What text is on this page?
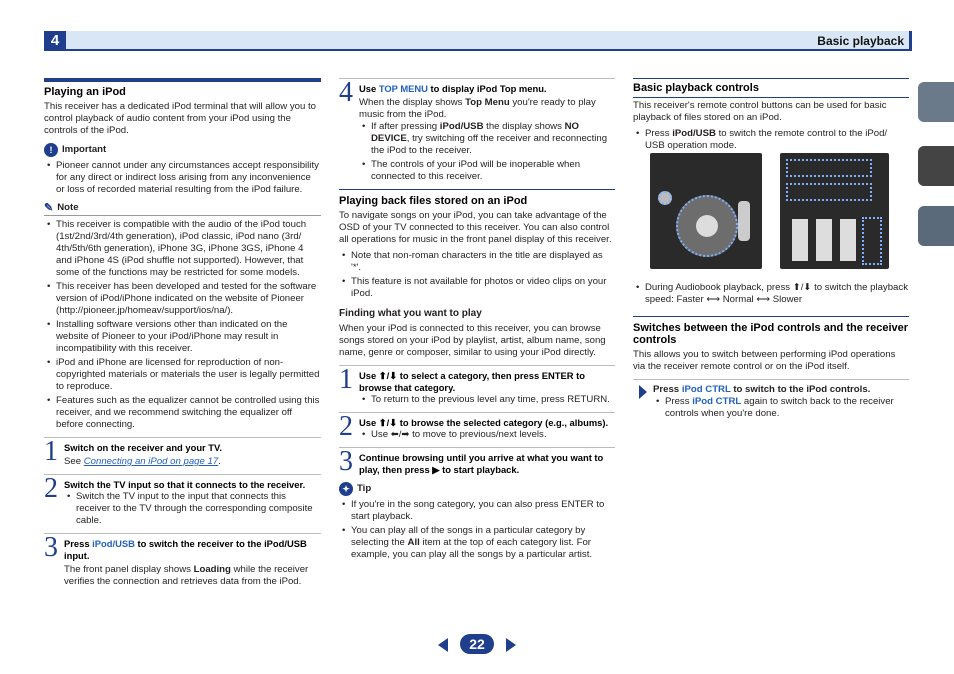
4	Basic playback
Playing an iPod

This receiver has a dedicated iPod terminal that will allow you to control playback of audio content from your iPod using the controls of the iPod.

! Important
• Pioneer cannot under any circumstances accept responsibility for any direct or indirect loss arising from any inconvenience or loss of recorded material resulting from the iPod failure.
✎ Note
• This receiver is compatible with the audio of the iPod touch (1st/2nd/3rd/4th generation), iPod classic, iPod nano (3rd/ 4th/5th/6th generation), iPhone 3G, iPhone 3GS, iPhone 4 and iPhone 4S (iPod shuffle not supported). However, that some of the functions may be restricted for some models.
• This receiver has been developed and tested for the software version of iPod/iPhone indicated on the website of Pioneer (http://pioneer.jp/homeav/support/ios/na/).
• Installing software versions other than indicated on the website of Pioneer to your iPod/iPhone may result in incompatibility with this receiver.
• iPod and iPhone are licensed for reproduction of non-copyrighted materials or materials the user is legally permitted to reproduce.
• Features such as the equalizer cannot be controlled using this receiver, and we recommend switching the equalizer off before connecting.
1 Switch on the receiver and your TV.
See Connecting an iPod on page 17.
2 Switch the TV input so that it connects to the receiver.
• Switch the TV input to the input that connects this receiver to the TV through the corresponding composite cable.
3 Press iPod/USB to switch the receiver to the iPod/USB input.
The front panel display shows Loading while the receiver verifies the connection and retrieves data from the iPod.
4 Use TOP MENU to display iPod Top menu.
When the display shows Top Menu you're ready to play music from the iPod.
• If after pressing iPod/USB the display shows NO DEVICE, try switching off the receiver and reconnecting the iPod to the receiver.
• The controls of your iPod will be inoperable when connected to this receiver.
Playing back files stored on an iPod

To navigate songs on your iPod, you can take advantage of the OSD of your TV connected to this receiver. You can also control all operations for music in the front panel display of this receiver.

• Note that non-roman characters in the title are displayed as '*'.
• This feature is not available for photos or video clips on your iPod.
Finding what you want to play

When your iPod is connected to this receiver, you can browse songs stored on your iPod by playlist, artist, album name, song name, genre or composer, similar to using your iPod directly.

1 Use ⬆/⬇ to select a category, then press ENTER to browse that category.
• To return to the previous level any time, press RETURN.
2 Use ⬆/⬇ to browse the selected category (e.g., albums).
• Use ⬅/➡ to move to previous/next levels.
3 Continue browsing until you arrive at what you want to play, then press ▶ to start playback.
✦ Tip
• If you're in the song category, you can also press ENTER to start playback.
• You can play all of the songs in a particular category by selecting the All item at the top of each category list. For example, you can play all the songs by a particular artist.
Basic playback controls

This receiver's remote control buttons can be used for basic playback of files stored on an iPod.

• Press iPod/USB to switch the remote control to the iPod/ USB operation mode.
• During Audiobook playback, press ⬆/⬇ to switch the playback speed: Faster ⟷ Normal ⟷ Slower
Switches between the iPod controls and the receiver controls

This allows you to switch between performing iPod operations via the receiver remote control or on the iPod itself.

Press iPod CTRL to switch to the iPod controls.
• Press iPod CTRL again to switch back to the receiver controls when you're done.
22
